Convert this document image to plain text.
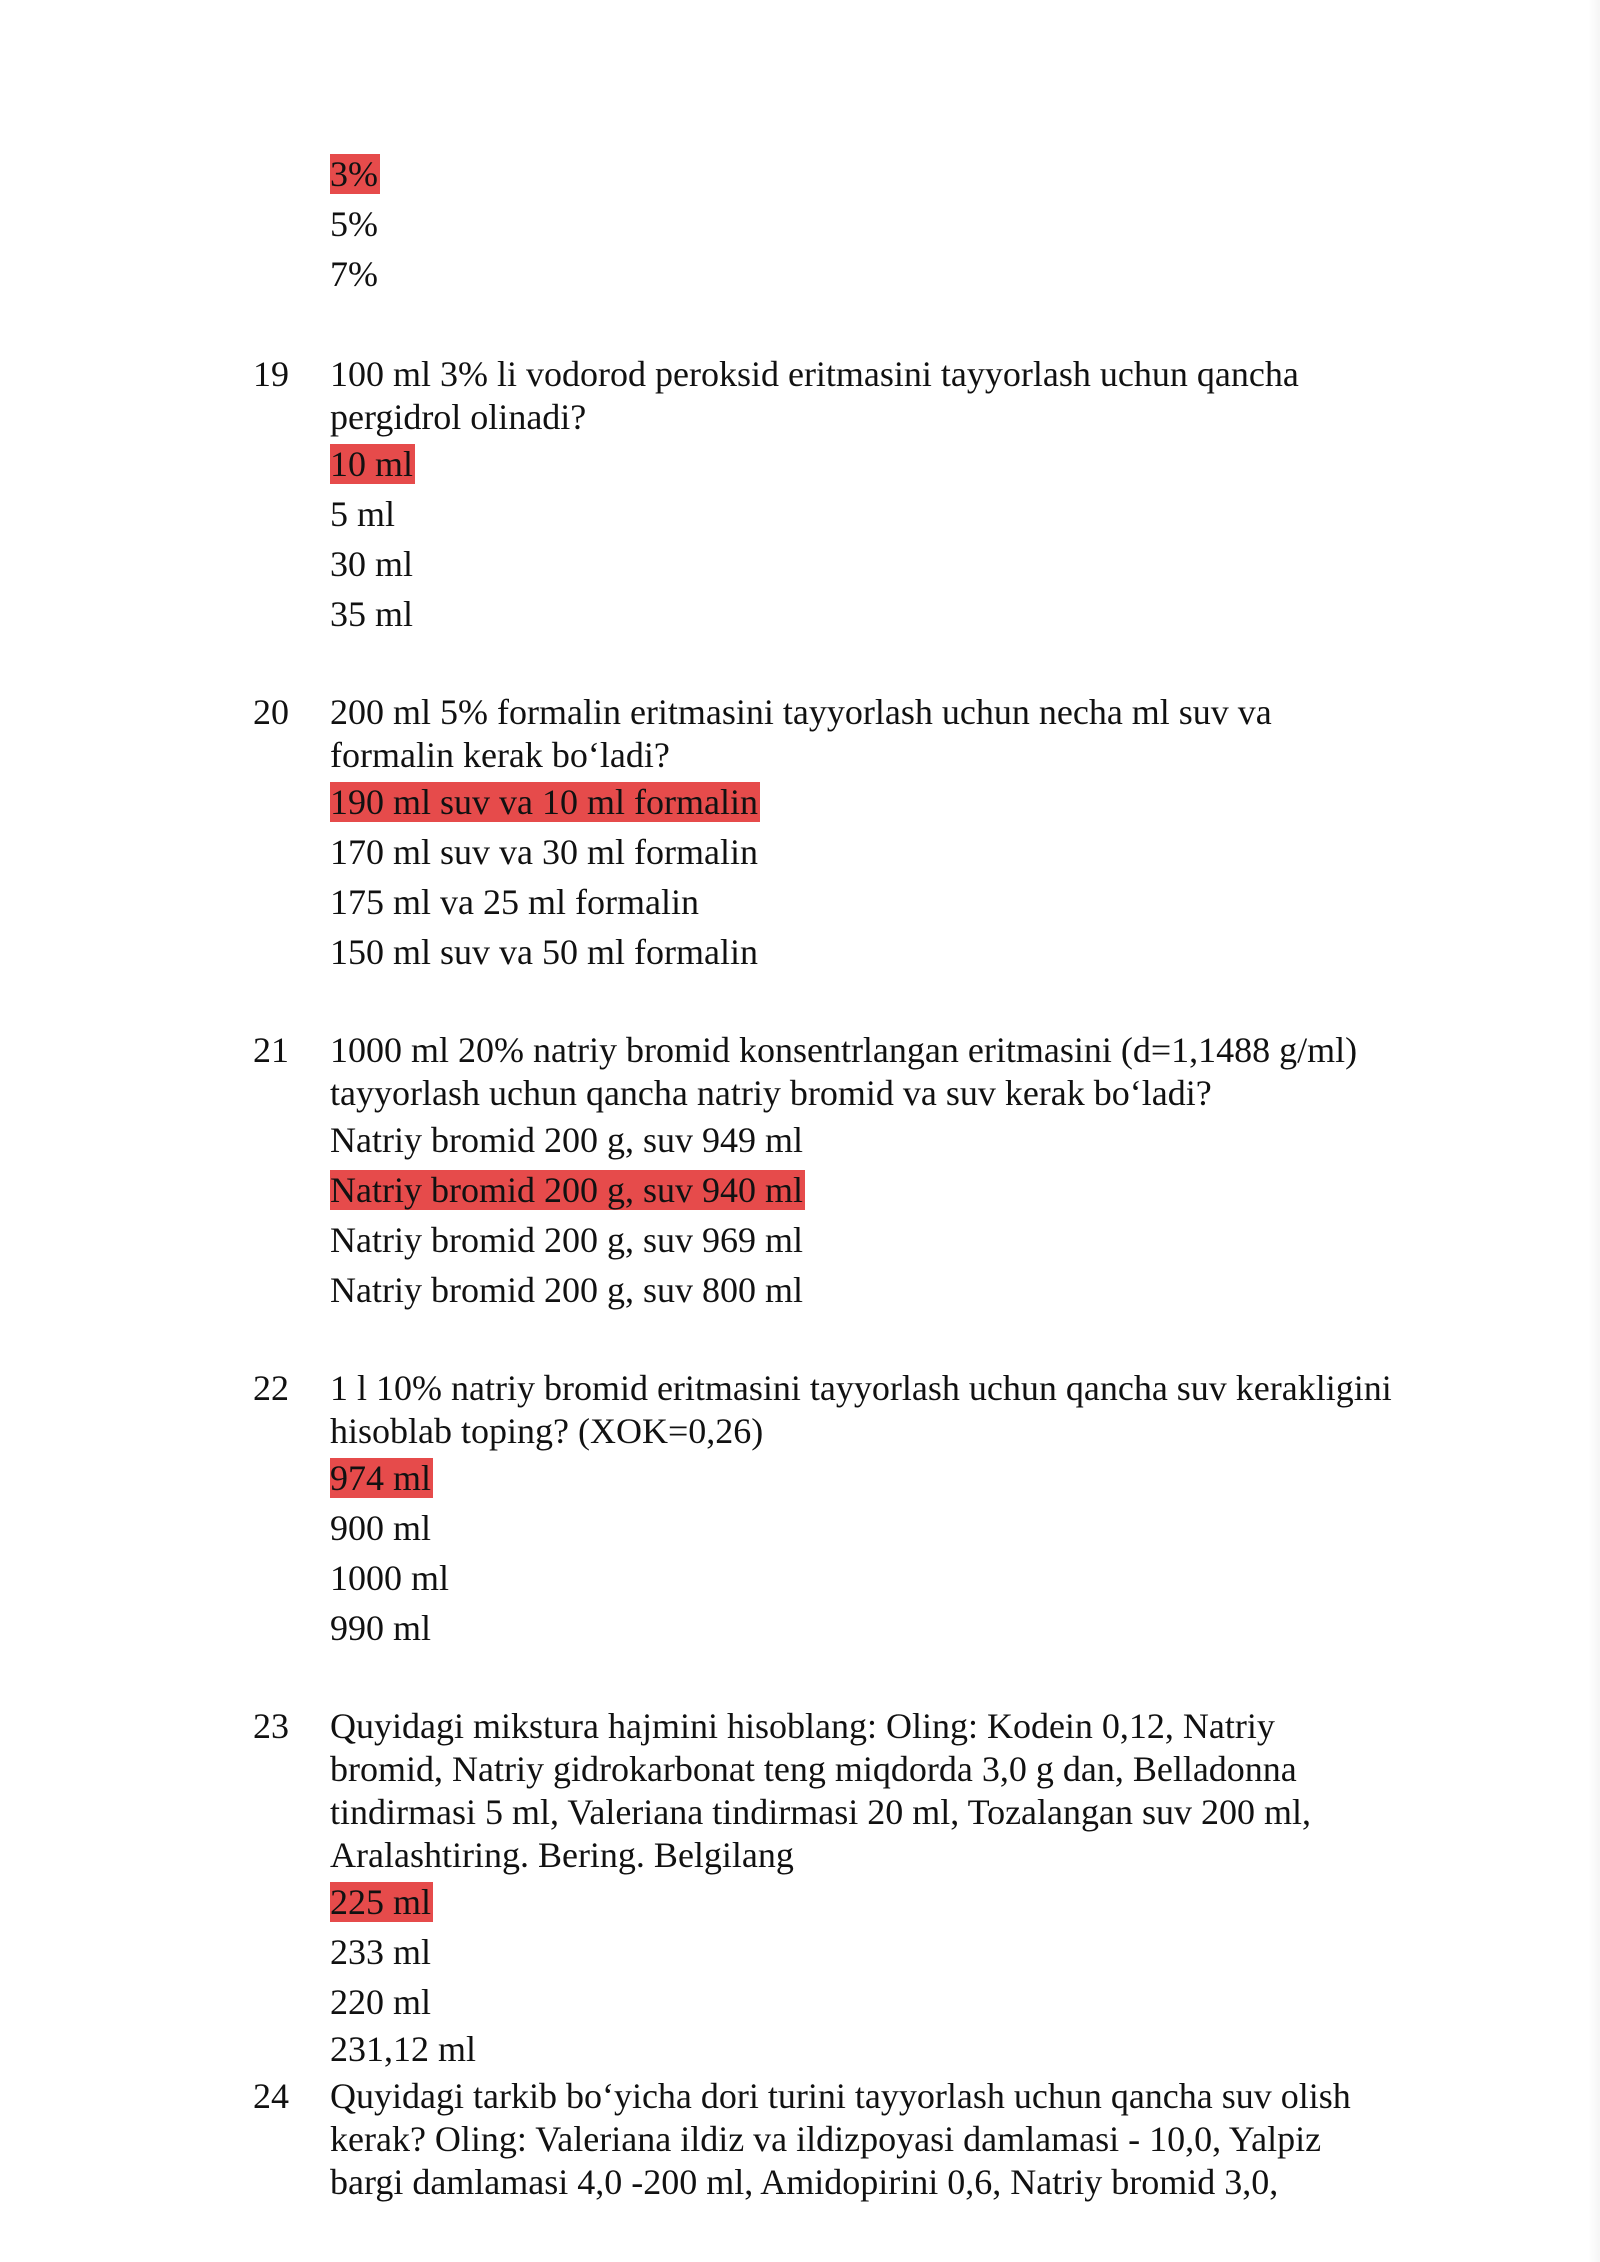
3%
5%
7%
19 100 ml 3% li vodorod peroksid eritmasini tayyorlash uchun qancha
pergidrol olinadi?
10 ml
5 ml
30 ml
35 ml
20 200 ml 5% formalin eritmasini tayyorlash uchun necha ml suv va
formalin kerak bo‘ladi?
190 ml suv va 10 ml formalin
170 ml suv va 30 ml formalin
175 ml va 25 ml formalin
150 ml suv va 50 ml formalin
21 1000 ml 20% natriy bromid konsentrlangan eritmasini (d=1,1488 g/ml)
tayyorlash uchun qancha natriy bromid va suv kerak bo‘ladi?
Natriy bromid 200 g, suv 949 ml
Natriy bromid 200 g, suv 940 ml
Natriy bromid 200 g, suv 969 ml
Natriy bromid 200 g, suv 800 ml
22 1 l 10% natriy bromid eritmasini tayyorlash uchun qancha suv kerakligini
hisoblab toping? (XOK=0,26)
974 ml
900 ml
1000 ml
990 ml
23 Quyidagi mikstura hajmini hisoblang: Oling: Kodein 0,12, Natriy
bromid, Natriy gidrokarbonat teng miqdorda 3,0 g dan, Belladonna
tindirmasi 5 ml, Valeriana tindirmasi 20 ml, Tozalangan suv 200 ml,
Aralashtiring. Bering. Belgilang
225 ml
233 ml
220 ml
231,12 ml
24 Quyidagi tarkib bo‘yicha dori turini tayyorlash uchun qancha suv olish
kerak? Oling: Valeriana ildiz va ildizpoyasi damlamasi - 10,0, Yalpiz
bargi damlamasi 4,0 -200 ml, Amidopirini 0,6, Natriy bromid 3,0,
